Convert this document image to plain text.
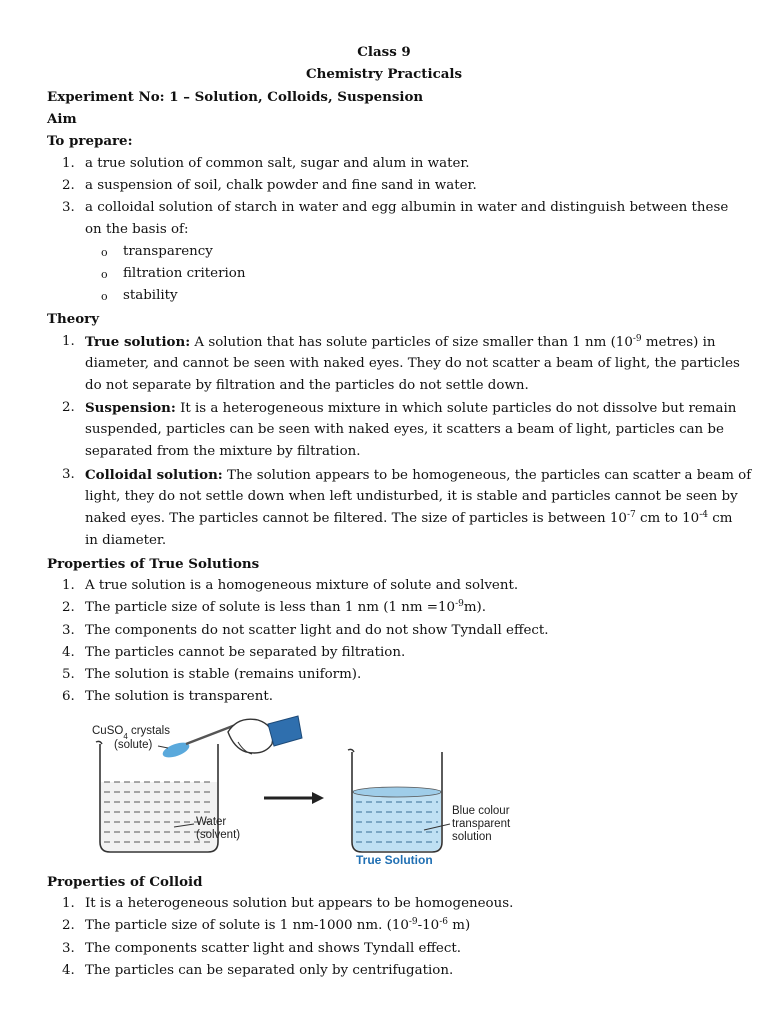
Class 9
Chemistry Practicals
Experiment No: 1 – Solution, Colloids, Suspension
Aim
To prepare:
1. a true solution of common salt, sugar and alum in water.
2. a suspension of soil, chalk powder and fine sand in water.
3. a colloidal solution of starch in water and egg albumin in water and distinguish between these
on the basis of:
o transparency
o filtration criterion
o stability
Theory
1. True solution: A solution that has solute particles of size smaller than 1 nm ($10^{-9}$ metres) in
diameter, and cannot be seen with naked eyes. They do not scatter a beam of light, the particles
do not separate by filtration and the particles do not settle down.
2. Suspension: It is a heterogeneous mixture in which solute particles do not dissolve but remain
suspended, particles can be seen with naked eyes, it scatters a beam of light, particles can be
separated from the mixture by filtration.
3. Colloidal solution: The solution appears to be homogeneous, the particles can scatter a beam of
light, they do not settle down when left undisturbed, it is stable and particles cannot be seen by
naked eyes. The particles cannot be filtered. The size of particles is between $10^{-7}$ cm to $10^{-4}$ cm
in diameter.
Properties of True Solutions
1. A true solution is a homogeneous mixture of solute and solvent.
2. The particle size of solute is less than 1 nm (1 nm $=10^{-9}m$).
3. The components do not scatter light and do not show Tyndall effect.
4. The particles cannot be separated by filtration.
5. The solution is stable (remains uniform).
6. The solution is transparent.
CuSO$_4$ crystals
(solute)
Water
(solvent)
Blue colour
transparent
solution
True Solution
Properties of Colloid
1. It is a heterogeneous solution but appears to be homogeneous.
2. The particle size of solute is 1 nm-1000 nm. ($10^{-9}-10^{-6}$ m)
3. The components scatter light and shows Tyndall effect.
4. The particles can be separated only by centrifugation.
